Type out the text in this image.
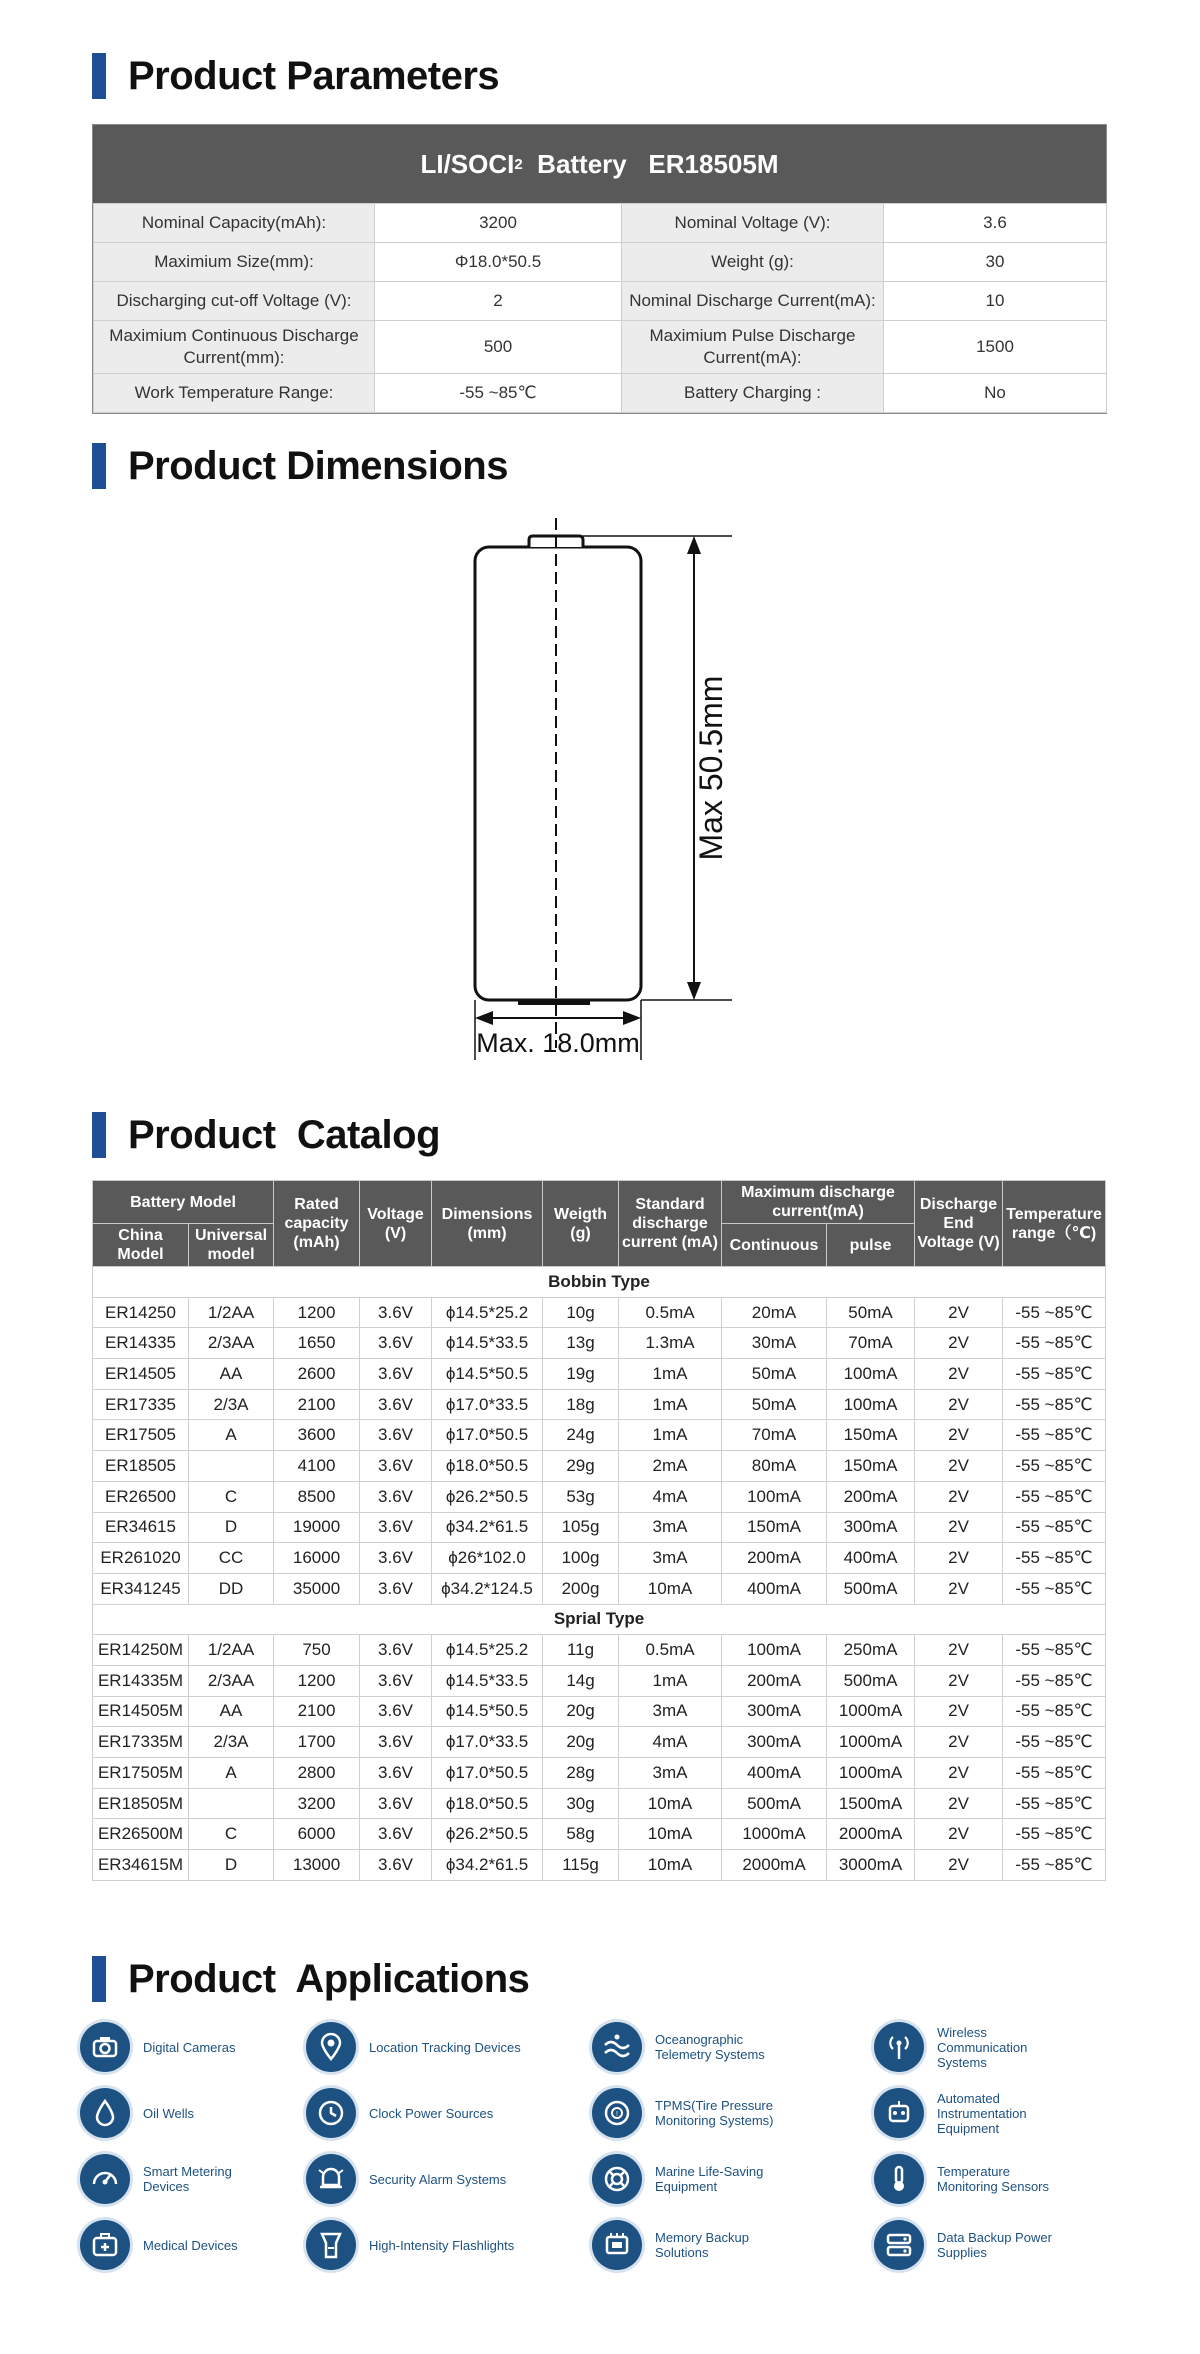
Product Parameters
LI/SOCI 2 Battery   ER18505M
Nominal Capacity(mAh):	3200	Nominal Voltage (V):	3.6
Maximium Size(mm):	Φ18.0*50.5	Weight (g):	30
Discharging cut-off Voltage (V):	2	Nominal Discharge Current(mA):	10
Maximium Continuous Discharge Current(mm):	500	Maximium Pulse Discharge Current(mA):	1500
Work Temperature Range:	-55 ~85℃	Battery Charging :	No
Product Dimensions
Max 50.5mm
Max. 18.0mm
Product  Catalog
Battery Model		Rated capacity (mAh)	Voltage (V)	Dimensions (mm)	Weigth (g)	Standard discharge current (mA)	Maximum discharge current(mA)		Discharge End Voltage (V)	Temperature range（℃)
China Model	Universal model						Continuous	pulse		
Bobbin Type										
ER14250	1/2AA	1200	3.6V	ϕ14.5*25.2	10g	0.5mA	20mA	50mA	2V	-55 ~85℃
ER14335	2/3AA	1650	3.6V	ϕ14.5*33.5	13g	1.3mA	30mA	70mA	2V	-55 ~85℃
ER14505	AA	2600	3.6V	ϕ14.5*50.5	19g	1mA	50mA	100mA	2V	-55 ~85℃
ER17335	2/3A	2100	3.6V	ϕ17.0*33.5	18g	1mA	50mA	100mA	2V	-55 ~85℃
ER17505	A	3600	3.6V	ϕ17.0*50.5	24g	1mA	70mA	150mA	2V	-55 ~85℃
ER18505		4100	3.6V	ϕ18.0*50.5	29g	2mA	80mA	150mA	2V	-55 ~85℃
ER26500	C	8500	3.6V	ϕ26.2*50.5	53g	4mA	100mA	200mA	2V	-55 ~85℃
ER34615	D	19000	3.6V	ϕ34.2*61.5	105g	3mA	150mA	300mA	2V	-55 ~85℃
ER261020	CC	16000	3.6V	ϕ26*102.0	100g	3mA	200mA	400mA	2V	-55 ~85℃
ER341245	DD	35000	3.6V	ϕ34.2*124.5	200g	10mA	400mA	500mA	2V	-55 ~85℃
Sprial Type										
ER14250M	1/2AA	750	3.6V	ϕ14.5*25.2	11g	0.5mA	100mA	250mA	2V	-55 ~85℃
ER14335M	2/3AA	1200	3.6V	ϕ14.5*33.5	14g	1mA	200mA	500mA	2V	-55 ~85℃
ER14505M	AA	2100	3.6V	ϕ14.5*50.5	20g	3mA	300mA	1000mA	2V	-55 ~85℃
ER17335M	2/3A	1700	3.6V	ϕ17.0*33.5	20g	4mA	300mA	1000mA	2V	-55 ~85℃
ER17505M	A	2800	3.6V	ϕ17.0*50.5	28g	3mA	400mA	1000mA	2V	-55 ~85℃
ER18505M		3200	3.6V	ϕ18.0*50.5	30g	10mA	500mA	1500mA	2V	-55 ~85℃
ER26500M	C	6000	3.6V	ϕ26.2*50.5	58g	10mA	1000mA	2000mA	2V	-55 ~85℃
ER34615M	D	13000	3.6V	ϕ34.2*61.5	115g	10mA	2000mA	3000mA	2V	-55 ~85℃
Product  Applications
Digital Cameras	Location Tracking Devices	Oceanographic Telemetry Systems
Wireless Communication Systems
Oil Wells	Clock Power Sources	!
TPMS(Tire Pressure Monitoring Systems)
Automated Instrumentation Equipment
Smart Metering Devices	Security Alarm Systems	Marine Life-Saving Equipment
Temperature Monitoring Sensors
Medical Devices	High-Intensity Flashlights	Memory Backup Solutions
Data Backup Power Supplies
